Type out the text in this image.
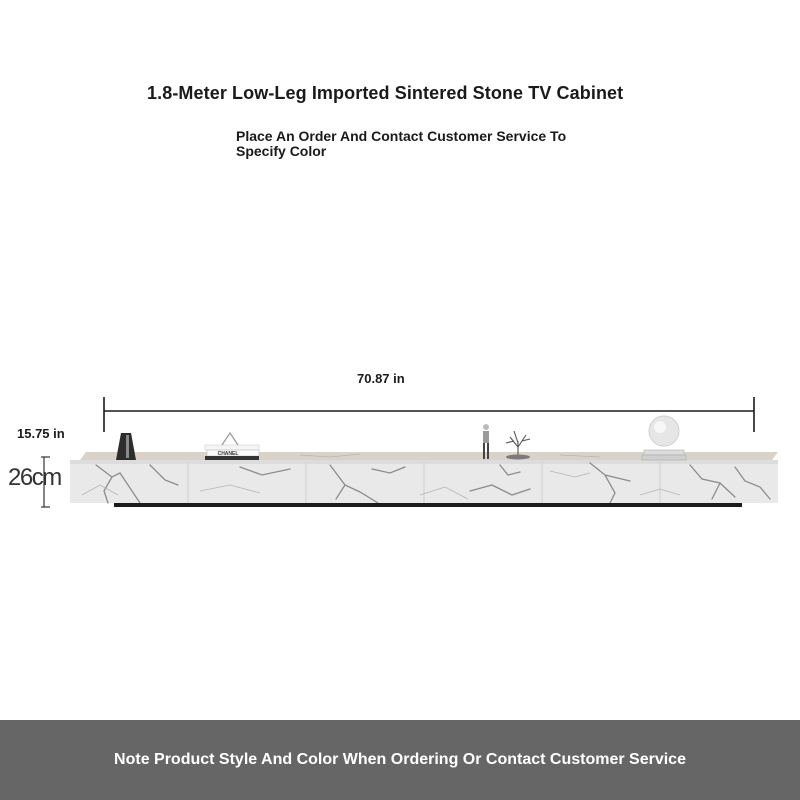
1.8-Meter Low-Leg Imported Sintered Stone TV Cabinet
Place An Order And Contact Customer Service To Specify Color
70.87 in
15.75 in
26cm
CHANEL
Note Product Style And Color When Ordering Or Contact Customer Service
